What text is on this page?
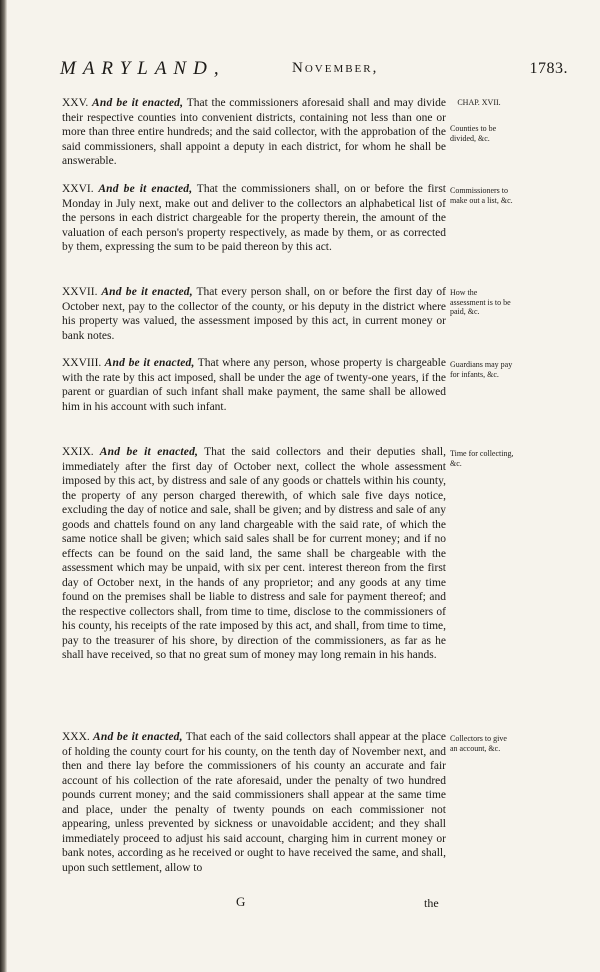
MARYLAND,	November,	1783.
XXV. And be it enacted, That the commissioners aforesaid shall and may divide their respective counties into convenient districts, containing not less than one or more than three entire hundreds; and the said collector, with the approbation of the said commissioners, shall appoint a deputy in each district, for whom he shall be answerable.
CHAP. XVII.
Counties to be divided, &c.
XXVI. And be it enacted, That the commissioners shall, on or before the first Monday in July next, make out and deliver to the collectors an alphabetical list of the persons in each district chargeable for the property therein, the amount of the valuation of each person's property respectively, as made by them, or as corrected by them, expressing the sum to be paid thereon by this act.
Commissioners to make out a list, &c.
XXVII. And be it enacted, That every person shall, on or before the first day of October next, pay to the collector of the county, or his deputy in the district where his property was valued, the assessment imposed by this act, in current money or bank notes.
How the assessment is to be paid, &c.
XXVIII. And be it enacted, That where any person, whose property is chargeable with the rate by this act imposed, shall be under the age of twenty-one years, if the parent or guardian of such infant shall make payment, the same shall be allowed him in his account with such infant.
Guardians may pay for infants, &c.
XXIX. And be it enacted, That the said collectors and their deputies shall, immediately after the first day of October next, collect the whole assessment imposed by this act, by distress and sale of any goods or chattels within his county, the property of any person charged therewith, of which sale five days notice, excluding the day of notice and sale, shall be given; and by distress and sale of any goods and chattels found on any land chargeable with the said rate, of which the same notice shall be given; which said sales shall be for current money; and if no effects can be found on the said land, the same shall be chargeable with the assessment which may be unpaid, with six per cent. interest thereon from the first day of October next, in the hands of any proprietor; and any goods at any time found on the premises shall be liable to distress and sale for payment thereof; and the respective collectors shall, from time to time, disclose to the commissioners of his county, his receipts of the rate imposed by this act, and shall, from time to time, pay to the treasurer of his shore, by direction of the commissioners, as far as he shall have received, so that no great sum of money may long remain in his hands.
Time for collecting, &c.
XXX. And be it enacted, That each of the said collectors shall appear at the place of holding the county court for his county, on the tenth day of November next, and then and there lay before the commissioners of his county an accurate and fair account of his collection of the rate aforesaid, under the penalty of two hundred pounds current money; and the said commissioners shall appear at the same time and place, under the penalty of twenty pounds on each commissioner not appearing, unless prevented by sickness or unavoidable accident; and they shall immediately proceed to adjust his said account, charging him in current money or bank notes, according as he received or ought to have received the same, and shall, upon such settlement, allow to
Collectors to give an account, &c.
G	the
